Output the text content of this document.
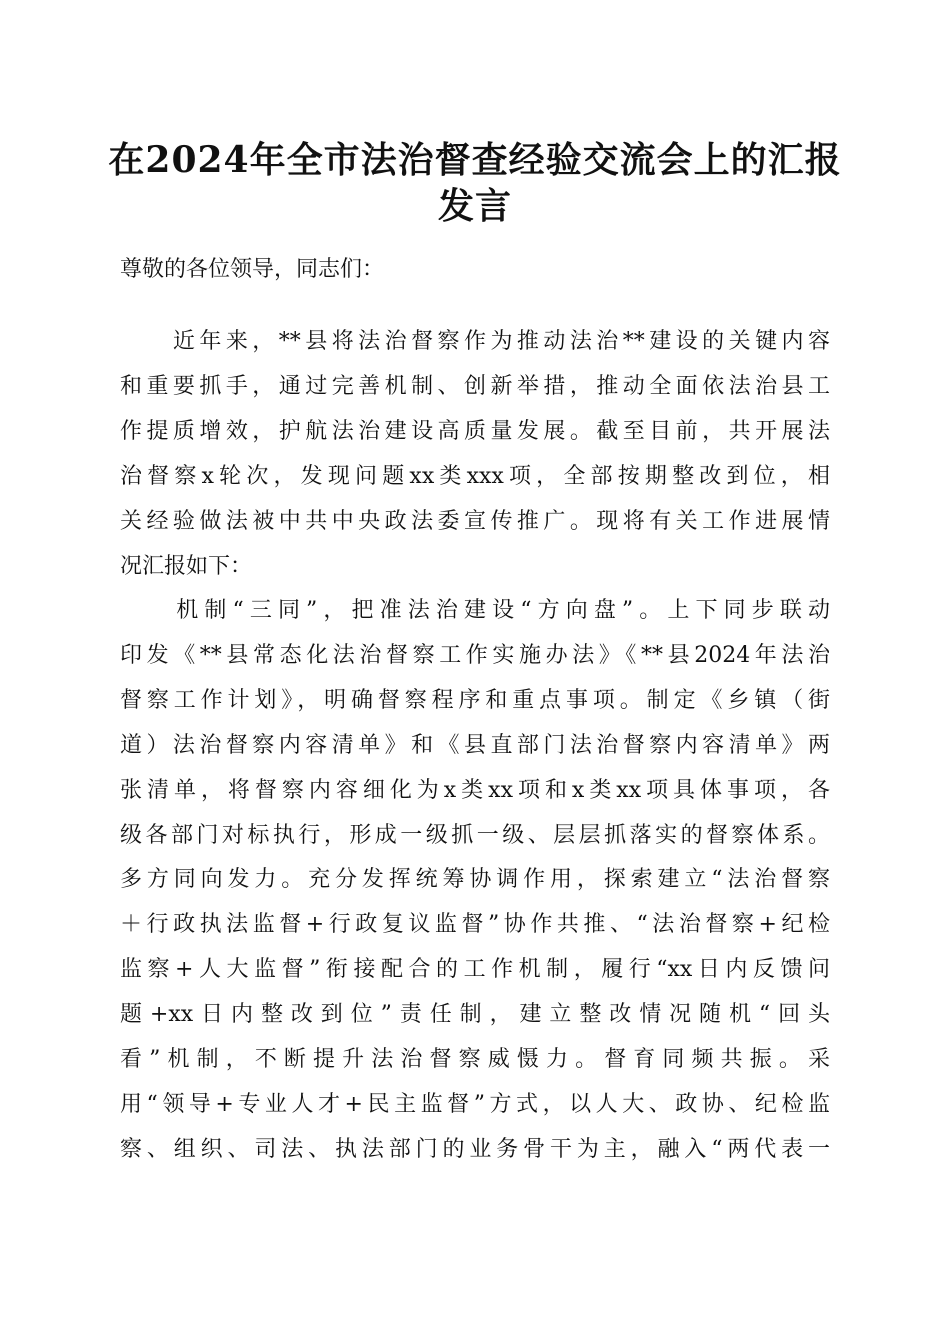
在2024年全市法治督查经验交流会上的汇报
发言

尊敬的各位领导，同志们：

　　近年来，**县将法治督察作为推动法治**建设的关键内容

和重要抓手，通过完善机制、创新举措，推动全面依法治县工

作提质增效，护航法治建设高质量发展。截至目前，共开展法

治督察x轮次，发现问题xx类xxx项，全部按期整改到位，相

关经验做法被中共中央政法委宣传推广。现将有关工作进展情

况汇报如下：

　　机制“三同”，把准法治建设“方向盘”。上下同步联动

印发《**县常态化法治督察工作实施办法》《**县2024年法治

督察工作计划》，明确督察程序和重点事项。制定《乡镇（街

道）法治督察内容清单》和《县直部门法治督察内容清单》两

张清单，将督察内容细化为x类xx项和x类xx项具体事项，各

级各部门对标执行，形成一级抓一级、层层抓落实的督察体系。

多方同向发力。充分发挥统筹协调作用，探索建立“法治督察

＋行政执法监督+行政复议监督”协作共推、“法治督察+纪检

监察+人大监督”衔接配合的工作机制，履行“xx日内反馈问

题+xx日内整改到位”责任制，建立整改情况随机“回头

看”机制，不断提升法治督察威慑力。督育同频共振。采

用“领导+专业人才+民主监督”方式，以人大、政协、纪检监

察、组织、司法、执法部门的业务骨干为主，融入“两代表一
